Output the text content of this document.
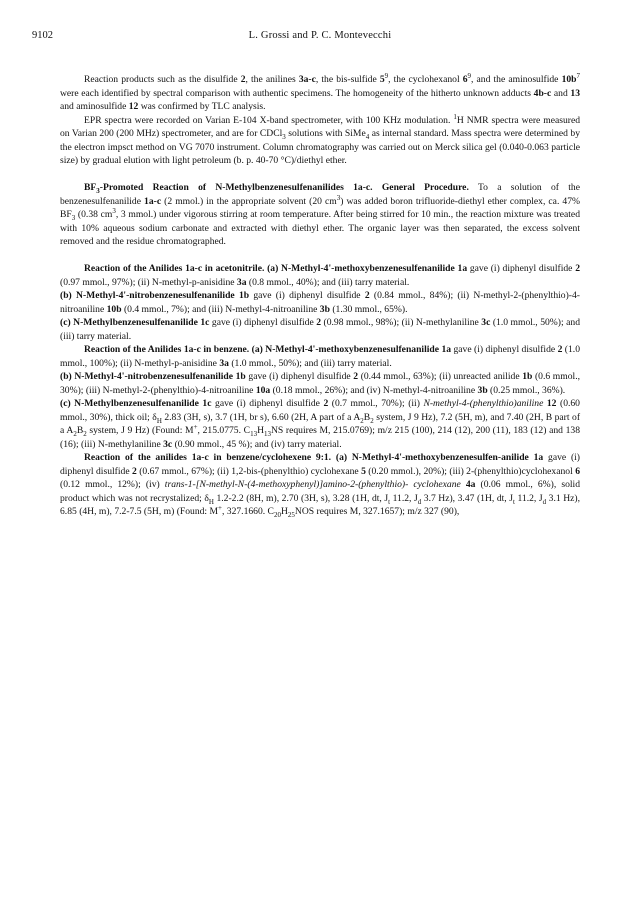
9102	L. Grossi and P. C. Montevecchi

Reaction products such as the disulfide 2, the anilines 3a-c, the bis-sulfide $5^9$, the cyclohexanol $6^9$, and the aminosulfide $10b^7$ were each identified by spectral comparison with authentic specimens. The homogeneity of the hitherto unknown adducts 4b-c and 13 and aminosulfide 12 was confirmed by TLC analysis.

EPR spectra were recorded on Varian E-104 X-band spectrometer, with 100 KHz modulation. $^1$H NMR spectra were measured on Varian 200 (200 MHz) spectrometer, and are for CDCl$_3$ solutions with SiMe$_4$ as internal standard. Mass spectra were determined by the electron impsct method on VG 7070 instrument. Column chromatography was carried out on Merck silica gel (0.040-0.063 particle size) by gradual elution with light petroleum (b. p. 40-70 °C)/diethyl ether.

$BF_3$-Promoted Reaction of N-Methylbenzenesulfenanilides 1a-c. General Procedure. To a solution of the benzenesulfenanilide 1a-c (2 mmol.) in the appropriate solvent (20 $cm^3$) was added boron trifluoride-diethyl ether complex, ca. 47% $BF_3$ (0.38 $cm^3$, 3 mmol.) under vigorous stirring at room temperature. After being stirred for 10 min., the reaction mixture was treated with 10% aqueous sodium carbonate and extracted with diethyl ether. The organic layer was then separated, the excess solvent removed and the residue chromatographed.

Reaction of the Anilides 1a-c in acetonitrile. (a) N-Methyl-4'-methoxybenzenesulfenanilide 1a gave (i) diphenyl disulfide 2 (0.97 mmol., 97%); (ii) N-methyl-p-anisidine 3a (0.8 mmol., 40%); and (iii) tarry material.

(b) N-Methyl-4'-nitrobenzenesulfenanilide 1b gave (i) diphenyl disulfide 2 (0.84 mmol., 84%); (ii) N-methyl-2-(phenylthio)-4-nitroaniline 10b (0.4 mmol., 7%); and (iii) N-methyl-4-nitroaniline 3b (1.30 mmol., 65%).

(c) N-Methylbenzenesulfenanilide 1c gave (i) diphenyl disulfide 2 (0.98 mmol., 98%); (ii) N-methylaniline 3c (1.0 mmol., 50%); and (iii) tarry material.

Reaction of the Anilides 1a-c in benzene. (a) N-Methyl-4'-methoxybenzenesulfenanilide 1a gave (i) diphenyl disulfide 2 (1.0 mmol., 100%); (ii) N-methyl-p-anisidine 3a (1.0 mmol., 50%); and (iii) tarry material.

(b) N-Methyl-4'-nitrobenzenesulfenanilide 1b gave (i) diphenyl disulfide 2 (0.44 mmol., 63%); (ii) unreacted anilide 1b (0.6 mmol., 30%); (iii) N-methyl-2-(phenylthio)-4-nitroaniline 10a (0.18 mmol., 26%); and (iv) N-methyl-4-nitroaniline 3b (0.25 mmol., 36%).

(c) N-Methylbenzenesulfenanilide 1c gave (i) diphenyl disulfide 2 (0.7 mmol., 70%); (ii) N-methyl-4-(phenylthio)aniline 12 (0.60 mmol., 30%), thick oil; $\delta_H$ 2.83 (3H, s), 3.7 (1H, br s), 6.60 (2H, A part of a $A_2B_2$ system, J 9 Hz), 7.2 (5H, m), and 7.40 (2H, B part of a $A_2B_2$ system, J 9 Hz) (Found: M+, 215.0775. $C_{13}H_{13}NS$ requires M, 215.0769); m/z 215 (100), 214 (12), 200 (11), 183 (12) and 138 (16); (iii) N-methylaniline 3c (0.90 mmol., 45 %); and (iv) tarry material.

Reaction of the anilides 1a-c in benzene/cyclohexene 9:1. (a) N-Methyl-4'-methoxybenzenesulfen-anilide 1a gave (i) diphenyl disulfide 2 (0.67 mmol., 67%); (ii) 1,2-bis-(phenylthio) cyclohexane 5 (0.20 mmol.), 20%); (iii) 2-(phenylthio)cyclohexanol 6 (0.12 mmol., 12%); (iv) trans-1-[N-methyl-N-(4-methoxyphenyl)]amino-2-(phenylthio)- cyclohexane 4a (0.06 mmol., 6%), solid product which was not recrystalized; $\delta_H$ 1.2-2.2 (8H, m), 2.70 (3H, s), 3.28 (1H, dt, $J_t$ 11.2, $J_d$ 3.7 Hz), 3.47 (1H, dt, $J_t$ 11.2, $J_d$ 3.1 Hz), 6.85 (4H, m), 7.2-7.5 (5H, m) (Found: M+, 327.1660. $C_{20}H_{25}NOS$ requires M, 327.1657); m/z 327 (90),
